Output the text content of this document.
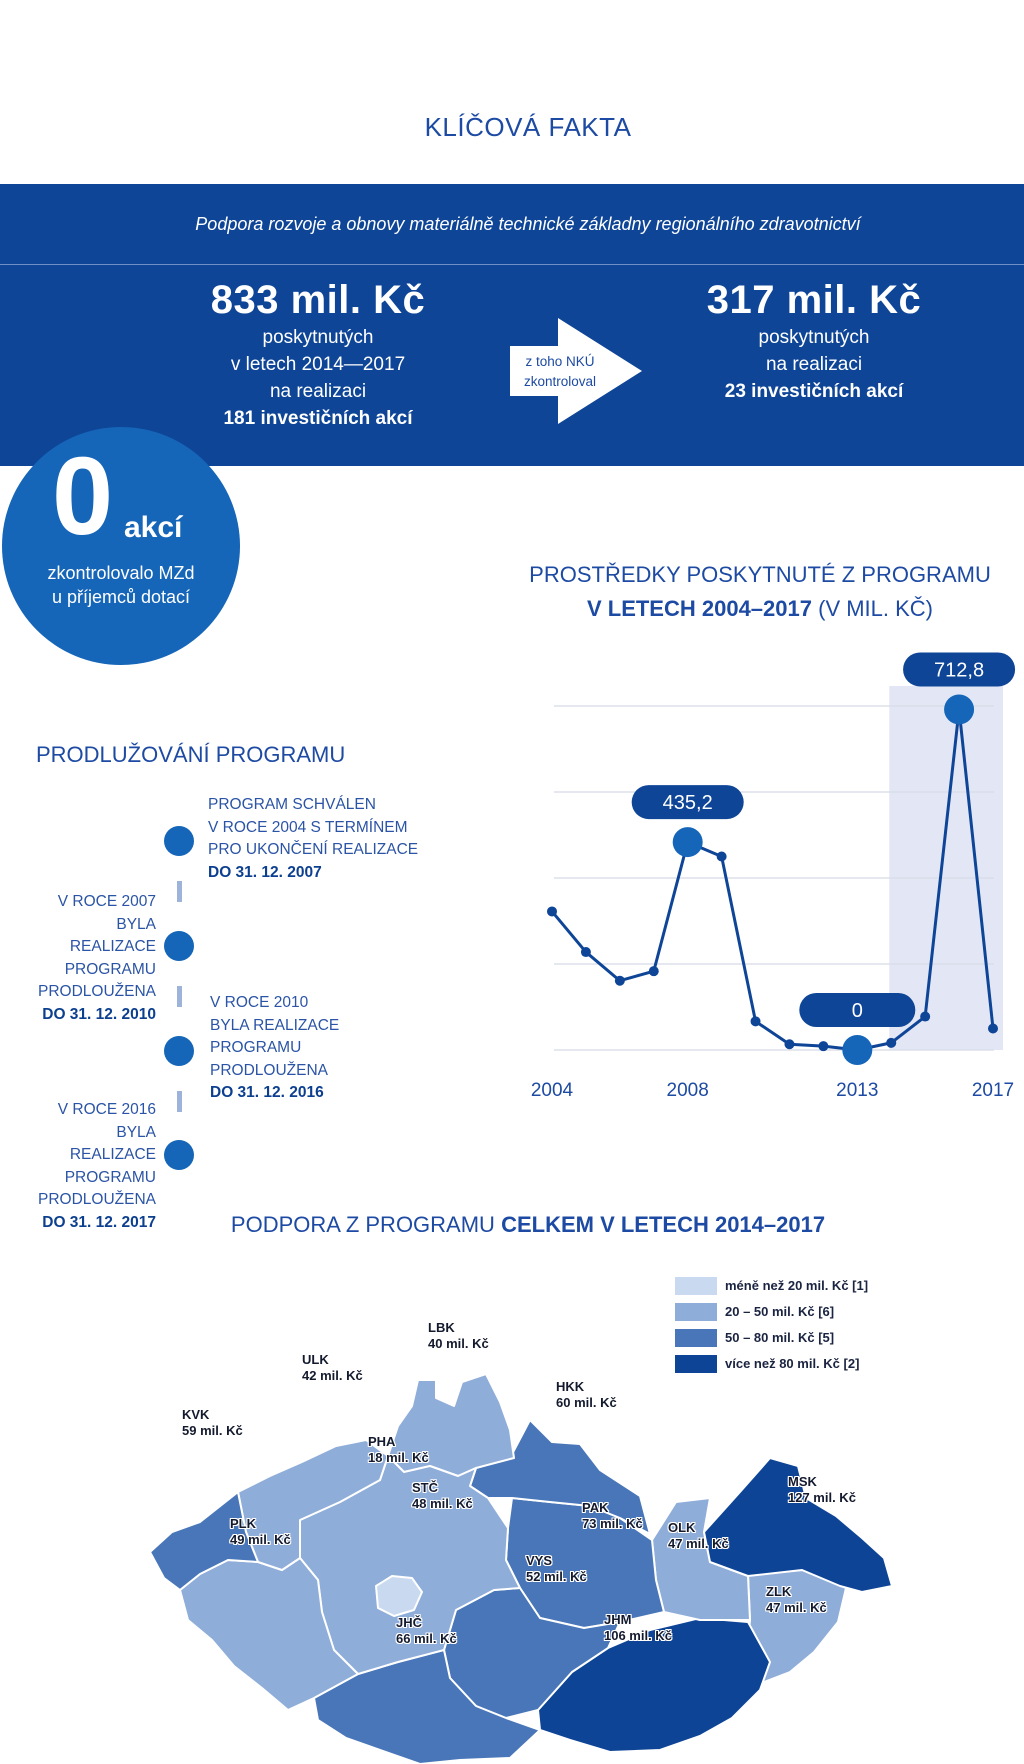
KLÍČOVÁ FAKTA
Podpora rozvoje a obnovy materiálně technické základny regionálního zdravotnictví
833 mil. Kč
poskytnutých
v letech 2014—2017
na realizaci
181 investičních akcí
z toho NKÚ
zkontroloval
317 mil. Kč
poskytnutých
na realizaci
23 investičních akcí
0 akcí
zkontrolovalo MZd
u příjemců dotací
PROSTŘEDKY POSKYTNUTÉ Z PROGRAMU
V LETECH 2004–2017 (V MIL. KČ)
435,2
0
712,8
2004	2008	2013	2017
PRODLUŽOVÁNÍ PROGRAMU
PROGRAM SCHVÁLEN
V ROCE 2004 S TERMÍNEM
PRO UKONČENÍ REALIZACE
DO 31. 12. 2007
V ROCE 2007
BYLA REALIZACE
PROGRAMU
PRODLOUŽENA
DO 31. 12. 2010
V ROCE 2010
BYLA REALIZACE
PROGRAMU
PRODLOUŽENA
DO 31. 12. 2016
V ROCE 2016
BYLA REALIZACE
PROGRAMU
PRODLOUŽENA
DO 31. 12. 2017	PODPORA Z PROGRAMU CELKEM V LETECH 2014–2017
méně než 20 mil. Kč [1]
20 – 50 mil. Kč [6]
50 – 80 mil. Kč [5]
více než 80 mil. Kč [2]
KVK
59 mil. Kč
ULK
42 mil. Kč
LBK
40 mil. Kč
HKK
60 mil. Kč
PHA
18 mil. Kč
STČ
48 mil. Kč
PLK
49 mil. Kč
PAK
73 mil. Kč OLK
47 mil. Kč
MSK
127 mil. Kč
VYS
52 mil. Kč
JHČ
66 mil. Kč
JHM
106 mil. Kč
ZLK
47 mil. Kč
